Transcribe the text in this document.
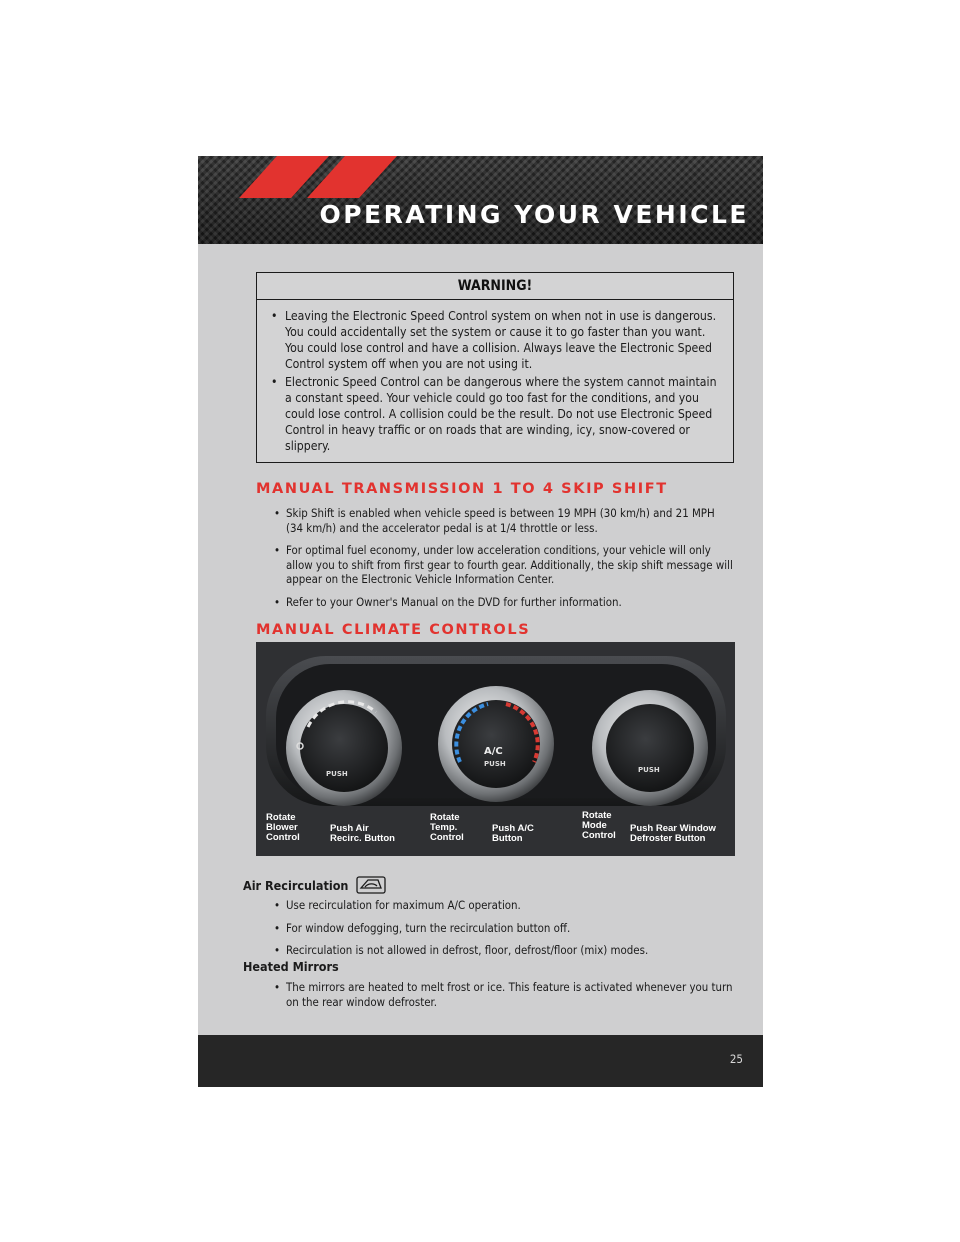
OPERATING YOUR VEHICLE
WARNING!
• Leaving the Electronic Speed Control system on when not in use is dangerous. You could accidentally set the system or cause it to go faster than you want. You could lose control and have a collision. Always leave the Electronic Speed Control system off when you are not using it.
• Electronic Speed Control can be dangerous where the system cannot maintain a constant speed. Your vehicle could go too fast for the conditions, and you could lose control. A collision could be the result. Do not use Electronic Speed Control in heavy traffic or on roads that are winding, icy, snow-covered or slippery.
MANUAL TRANSMISSION 1 TO 4 SKIP SHIFT
• Skip Shift is enabled when vehicle speed is between 19 MPH (30 km/h) and 21 MPH (34 km/h) and the accelerator pedal is at 1/4 throttle or less.
• For optimal fuel economy, under low acceleration conditions, your vehicle will only allow you to shift from first gear to fourth gear. Additionally, the skip shift message will appear on the Electronic Vehicle Information Center.
• Refer to your Owner's Manual on the DVD for further information.
MANUAL CLIMATE CONTROLS
PUSH
A/C
PUSH
PUSH
Rotate
Blower
Control
Push Air
Recirc. Button
Rotate
Temp.
Control
Push A/C
Button
Rotate
Mode
Control
Push Rear Window
Defroster Button
Air Recirculation
• Use recirculation for maximum A/C operation.
• For window defogging, turn the recirculation button off.
• Recirculation is not allowed in defrost, floor, defrost/floor (mix) modes.
Heated Mirrors
• The mirrors are heated to melt frost or ice. This feature is activated whenever you turn on the rear window defroster.
25
